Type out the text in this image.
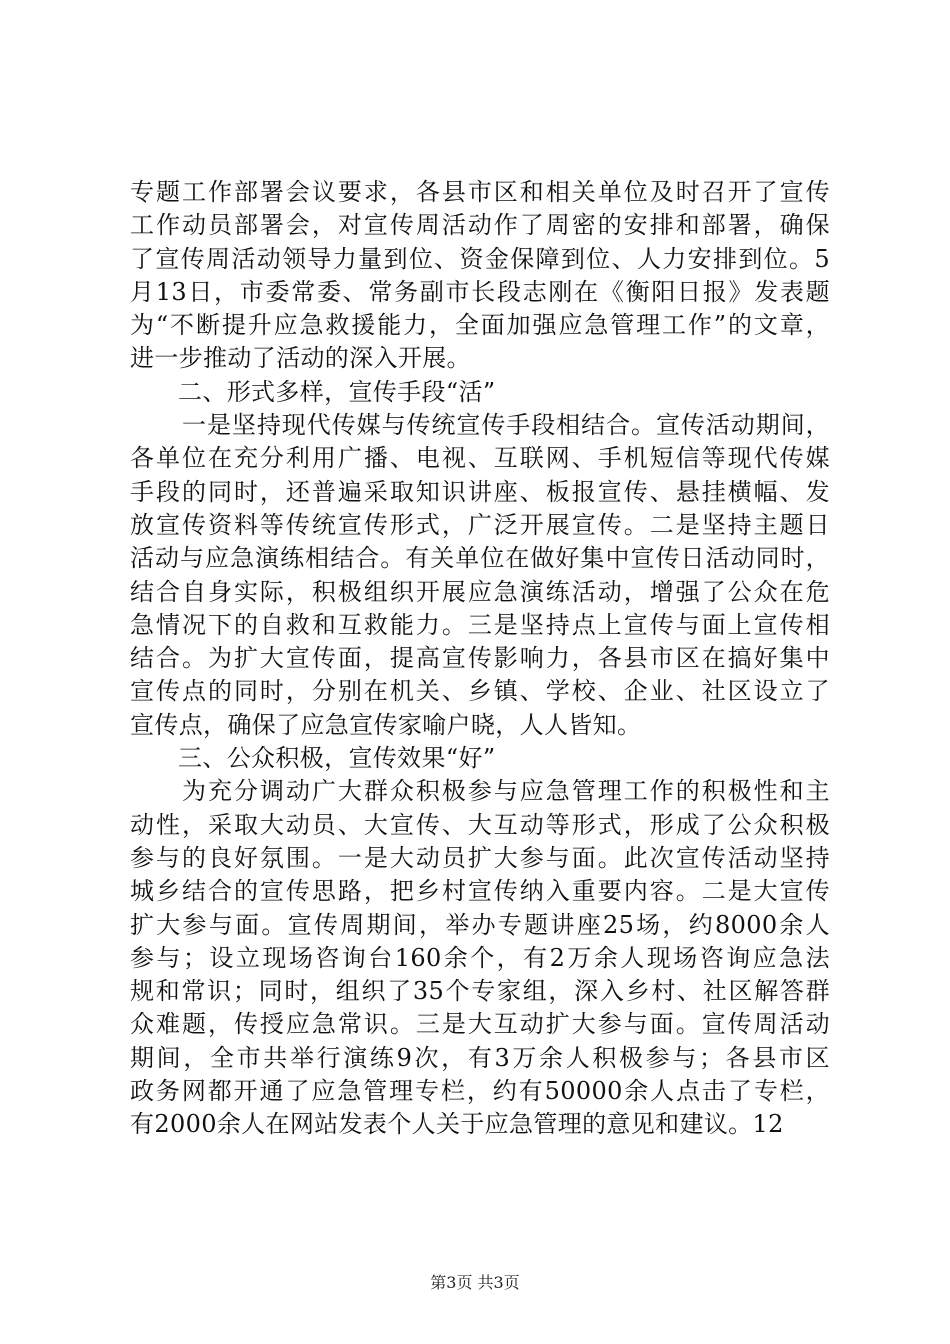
专题工作部署会议要求，各县市区和相关单位及时召开了宣传
工作动员部署会，对宣传周活动作了周密的安排和部署，确保
了宣传周活动领导力量到位、资金保障到位、人力安排到位。5
月13日，市委常委、常务副市长段志刚在《衡阳日报》发表题
为“不断提升应急救援能力，全面加强应急管理工作”的文章，
进一步推动了活动的深入开展。
二、形式多样，宣传手段“活”
一是坚持现代传媒与传统宣传手段相结合。宣传活动期间，
各单位在充分利用广播、电视、互联网、手机短信等现代传媒
手段的同时，还普遍采取知识讲座、板报宣传、悬挂横幅、发
放宣传资料等传统宣传形式，广泛开展宣传。二是坚持主题日
活动与应急演练相结合。有关单位在做好集中宣传日活动同时，
结合自身实际，积极组织开展应急演练活动，增强了公众在危
急情况下的自救和互救能力。三是坚持点上宣传与面上宣传相
结合。为扩大宣传面，提高宣传影响力，各县市区在搞好集中
宣传点的同时，分别在机关、乡镇、学校、企业、社区设立了
宣传点，确保了应急宣传家喻户晓，人人皆知。
三、公众积极，宣传效果“好”
为充分调动广大群众积极参与应急管理工作的积极性和主
动性，采取大动员、大宣传、大互动等形式，形成了公众积极
参与的良好氛围。一是大动员扩大参与面。此次宣传活动坚持
城乡结合的宣传思路，把乡村宣传纳入重要内容。二是大宣传
扩大参与面。宣传周期间，举办专题讲座25场，约8000余人
参与；设立现场咨询台160余个，有2万余人现场咨询应急法
规和常识；同时，组织了35个专家组，深入乡村、社区解答群
众难题，传授应急常识。三是大互动扩大参与面。宣传周活动
期间，全市共举行演练9次，有3万余人积极参与；各县市区
政务网都开通了应急管理专栏，约有50000余人点击了专栏，
有2000余人在网站发表个人关于应急管理的意见和建议。12
第3页 共3页
